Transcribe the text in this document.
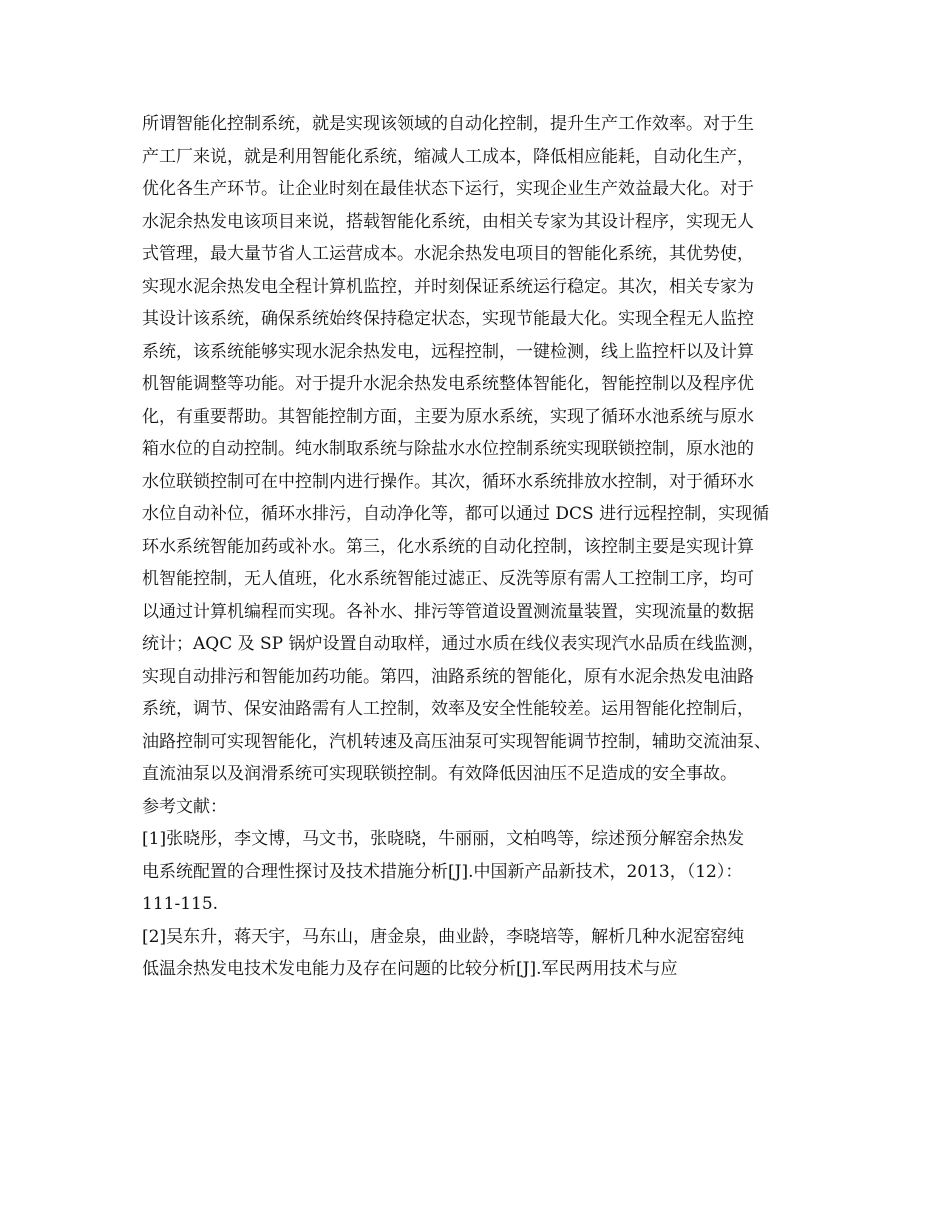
所谓智能化控制系统，就是实现该领域的自动化控制，提升生产工作效率。对于生
产工厂来说，就是利用智能化系统，缩减人工成本，降低相应能耗，自动化生产，
优化各生产环节。让企业时刻在最佳状态下运行，实现企业生产效益最大化。对于
水泥余热发电该项目来说，搭载智能化系统，由相关专家为其设计程序，实现无人
式管理，最大量节省人工运营成本。水泥余热发电项目的智能化系统，其优势使，
实现水泥余热发电全程计算机监控，并时刻保证系统运行稳定。其次，相关专家为
其设计该系统，确保系统始终保持稳定状态，实现节能最大化。实现全程无人监控
系统，该系统能够实现水泥余热发电，远程控制，一键检测，线上监控杆以及计算
机智能调整等功能。对于提升水泥余热发电系统整体智能化，智能控制以及程序优
化，有重要帮助。其智能控制方面，主要为原水系统，实现了循环水池系统与原水
箱水位的自动控制。纯水制取系统与除盐水水位控制系统实现联锁控制，原水池的
水位联锁控制可在中控制内进行操作。其次，循环水系统排放水控制，对于循环水
水位自动补位，循环水排污，自动净化等，都可以通过 DCS 进行远程控制，实现循
环水系统智能加药或补水。第三，化水系统的自动化控制，该控制主要是实现计算
机智能控制，无人值班，化水系统智能过滤正、反洗等原有需人工控制工序，均可
以通过计算机编程而实现。各补水、排污等管道设置测流量装置，实现流量的数据
统计；AQC 及 SP 锅炉设置自动取样，通过水质在线仪表实现汽水品质在线监测，
实现自动排污和智能加药功能。第四，油路系统的智能化，原有水泥余热发电油路
系统，调节、保安油路需有人工控制，效率及安全性能较差。运用智能化控制后，
油路控制可实现智能化，汽机转速及高压油泵可实现智能调节控制，辅助交流油泵、
直流油泵以及润滑系统可实现联锁控制。有效降低因油压不足造成的安全事故。
参考文献：
[1]张晓彤，李文博，马文书，张晓晓，牛丽丽，文柏鸣等，综述预分解窑余热发
电系统配置的合理性探讨及技术措施分析[J].中国新产品新技术，2013，（12）：
111-115.
[2]吴东升，蒋天宇，马东山，唐金泉，曲业龄，李晓培等，解析几种水泥窑窑纯
低温余热发电技术发电能力及存在问题的比较分析[J].军民两用技术与应
